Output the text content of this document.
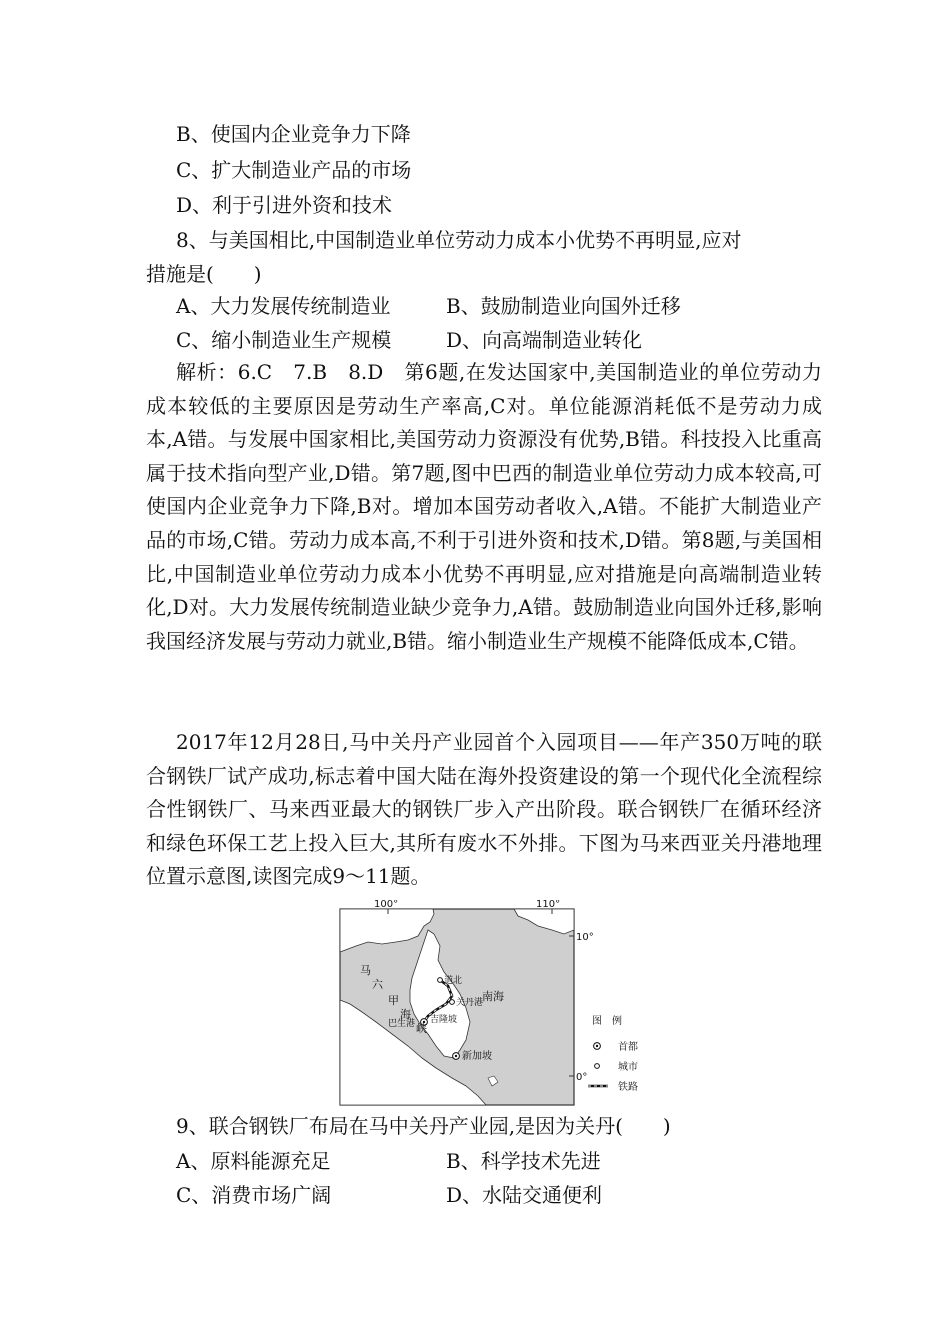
B、使国内企业竞争力下降
C、扩大制造业产品的市场
D、利于引进外资和技术
8、与美国相比,中国制造业单位劳动力成本小优势不再明显,应对
措施是(　　)
A、大力发展传统制造业	B、鼓励制造业向国外迁移
C、缩小制造业生产规模	D、向高端制造业转化

解析：6.C　7.B　8.D　第6题,在发达国家中,美国制造业的单位劳动力成本较低的主要原因是劳动生产率高,C对。单位能源消耗低不是劳动力成本,A错。与发展中国家相比,美国劳动力资源没有优势,B错。科技投入比重高属于技术指向型产业,D错。第7题,图中巴西的制造业单位劳动力成本较高,可使国内企业竞争力下降,B对。增加本国劳动者收入,A错。不能扩大制造业产品的市场,C错。劳动力成本高,不利于引进外资和技术,D错。第8题,与美国相比,中国制造业单位劳动力成本小优势不再明显,应对措施是向高端制造业转化,D对。大力发展传统制造业缺少竞争力,A错。鼓励制造业向国外迁移,影响我国经济发展与劳动力就业,B错。缩小制造业生产规模不能降低成本,C错。

2017年12月28日,马中关丹产业园首个入园项目——年产350万吨的联合钢铁厂试产成功,标志着中国大陆在海外投资建设的第一个现代化全流程综合性钢铁厂、马来西亚最大的钢铁厂步入产出阶段。联合钢铁厂在循环经济和绿色环保工艺上投入巨大,其所有废水不外排。下图为马来西亚关丹港地理位置示意图,读图完成9～11题。

100°	110°
10°
0°
马
六
甲
海
峡
道北
关丹港
吉隆坡
巴生港
新加坡
南海
图　例
首都
城市
铁路
9、联合钢铁厂布局在马中关丹产业园,是因为关丹(　　)
A、原料能源充足	B、科学技术先进
C、消费市场广阔	D、水陆交通便利
